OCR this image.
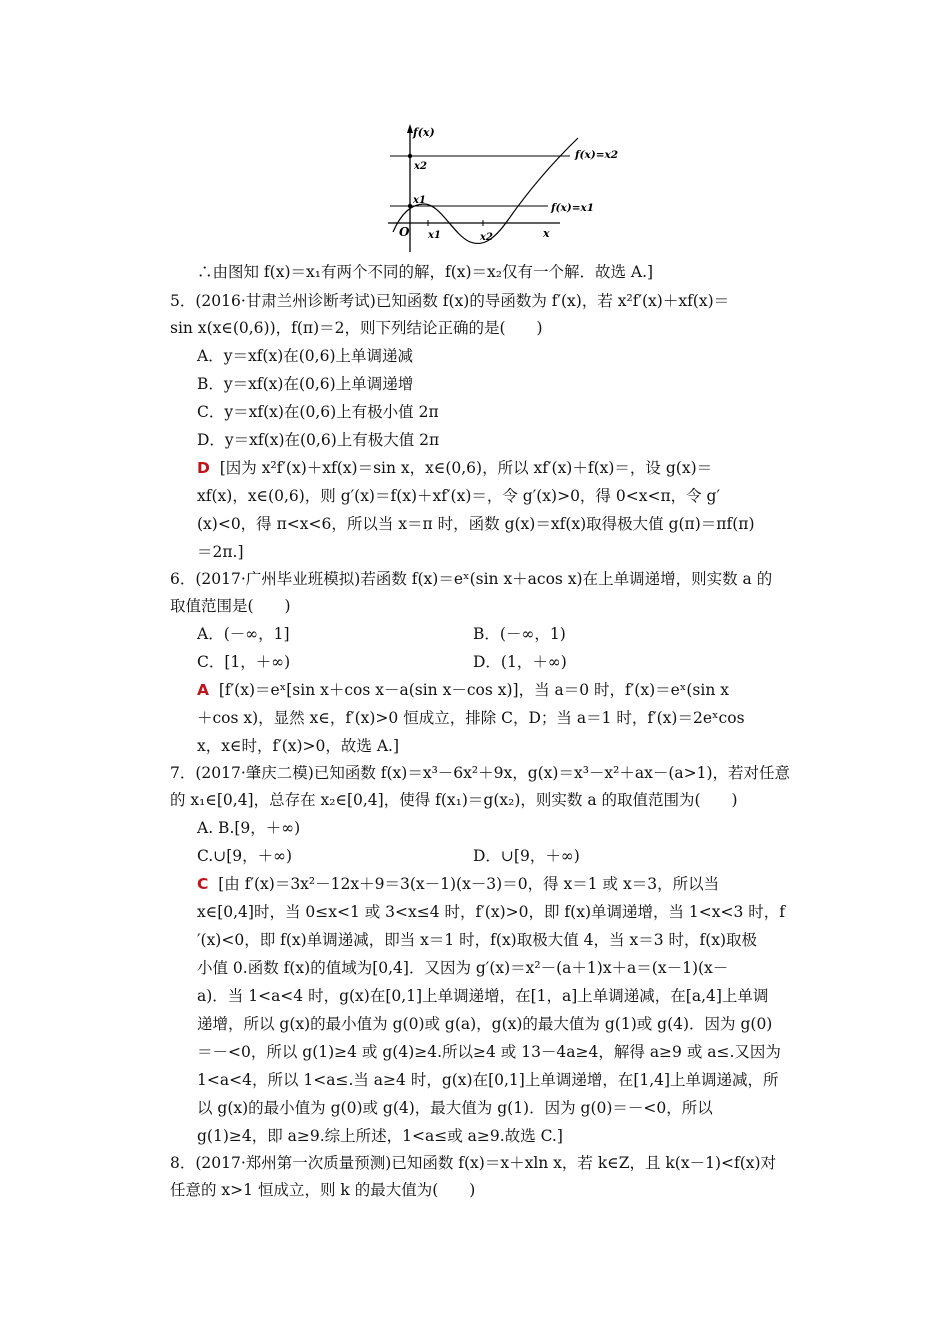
f(x)
x2
x1
O x1	x2	x
f(x)=x2
f(x)=x1
∴由图知 f(x)＝x₁有两个不同的解，f(x)＝x₂仅有一个解．故选 A.]
5．(2016·甘肃兰州诊断考试)已知函数 f(x)的导函数为 f′(x)，若 x²f′(x)＋xf(x)＝
sin x(x∈(0,6))，f(π)＝2，则下列结论正确的是(　　)
A．y＝xf(x)在(0,6)上单调递减
B．y＝xf(x)在(0,6)上单调递增
C．y＝xf(x)在(0,6)上有极小值 2π
D．y＝xf(x)在(0,6)上有极大值 2π
D [因为 x²f′(x)＋xf(x)＝sin x，x∈(0,6)，所以 xf′(x)＋f(x)＝，设 g(x)＝
xf(x)，x∈(0,6)，则 g′(x)＝f(x)＋xf′(x)＝，令 g′(x)>0，得 0<x<π，令 g′
(x)<0，得 π<x<6，所以当 x＝π 时，函数 g(x)＝xf(x)取得极大值 g(π)＝πf(π)
＝2π.]
6．(2017·广州毕业班模拟)若函数 f(x)＝eˣ(sin x＋acos x)在上单调递增，则实数 a 的
取值范围是(　　)
A．(－∞，1]	B．(－∞，1)
C．[1，＋∞)	D．(1，＋∞)
A [f′(x)＝eˣ[sin x＋cos x－a(sin x－cos x)]，当 a＝0 时，f′(x)＝eˣ(sin x
＋cos x)，显然 x∈，f′(x)>0 恒成立，排除 C，D；当 a＝1 时，f′(x)＝2eˣcos
x，x∈时，f′(x)>0，故选 A.]
7．(2017·肇庆二模)已知函数 f(x)＝x³－6x²＋9x，g(x)＝x³－x²＋ax－(a>1)，若对任意
的 x₁∈[0,4]，总存在 x₂∈[0,4]，使得 f(x₁)＝g(x₂)，则实数 a 的取值范围为(　　)
A. B.[9，＋∞)
C.∪[9，＋∞)	D．∪[9，＋∞)
C [由 f′(x)＝3x²－12x＋9＝3(x－1)(x－3)＝0，得 x＝1 或 x＝3，所以当
x∈[0,4]时，当 0≤x<1 或 3<x≤4 时，f′(x)>0，即 f(x)单调递增，当 1<x<3 时，f
′(x)<0，即 f(x)单调递减，即当 x＝1 时，f(x)取极大值 4，当 x＝3 时，f(x)取极
小值 0.函数 f(x)的值域为[0,4]．又因为 g′(x)＝x²－(a＋1)x＋a＝(x－1)(x－
a)．当 1<a<4 时，g(x)在[0,1]上单调递增，在[1，a]上单调递减，在[a,4]上单调
递增，所以 g(x)的最小值为 g(0)或 g(a)，g(x)的最大值为 g(1)或 g(4)．因为 g(0)
＝－<0，所以 g(1)≥4 或 g(4)≥4.所以≥4 或 13－4a≥4，解得 a≥9 或 a≤.又因为
1<a<4，所以 1<a≤.当 a≥4 时，g(x)在[0,1]上单调递增，在[1,4]上单调递减，所
以 g(x)的最小值为 g(0)或 g(4)，最大值为 g(1)．因为 g(0)＝－<0，所以
g(1)≥4，即 a≥9.综上所述，1<a≤或 a≥9.故选 C.]
8．(2017·郑州第一次质量预测)已知函数 f(x)＝x＋xln x，若 k∈Z，且 k(x－1)<f(x)对
任意的 x>1 恒成立，则 k 的最大值为(　　)
